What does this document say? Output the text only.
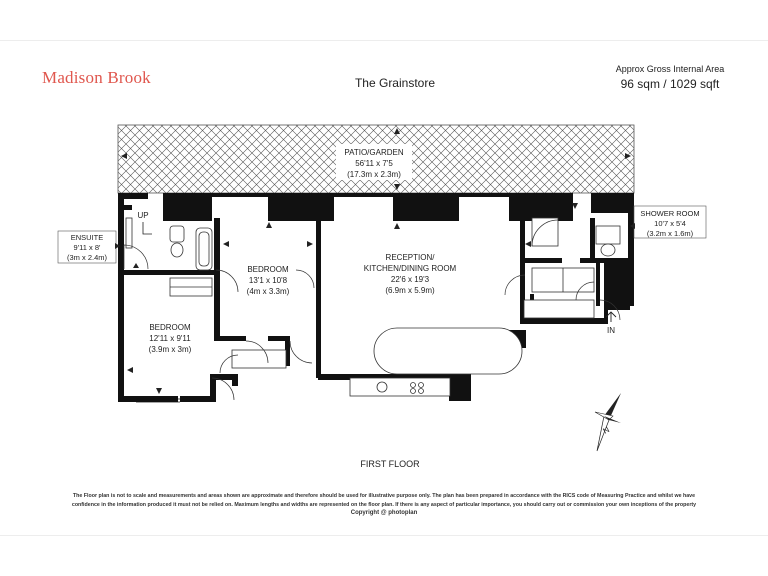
Madison Brook	The Grainstore
Approx Gross Internal Area
96 sqm / 1029 sqft
PATIO/GARDEN
56'11 x 7'5
(17.3m x 2.3m)
ENSUITE
9'11 x 8'
(3m x 2.4m)
UP
BEDROOM
13'1 x 10'8
(4m x 3.3m)
RECEPTION/
KITCHEN/DINING ROOM
22'6 x 19'3
(6.9m x 5.9m)
SHOWER ROOM
10'7 x 5'4
(3.2m x 1.6m)
BEDROOM
12'11 x 9'11
(3.9m x 3m)
IN
N
FIRST FLOOR

The Floor plan is not to scale and measurements and areas shown are approximate and therefore should be used for illustrative purpose only. The plan has been prepared in accordance with the RICS code of Measuring Practice and whilst we have

confidence in the information produced it must not be relied on. Maximum lengths and widths are represented on the floor plan. If there is any aspect of particular importance, you should carry out or commission your own inceptions of the property

Copyright @ photoplan
